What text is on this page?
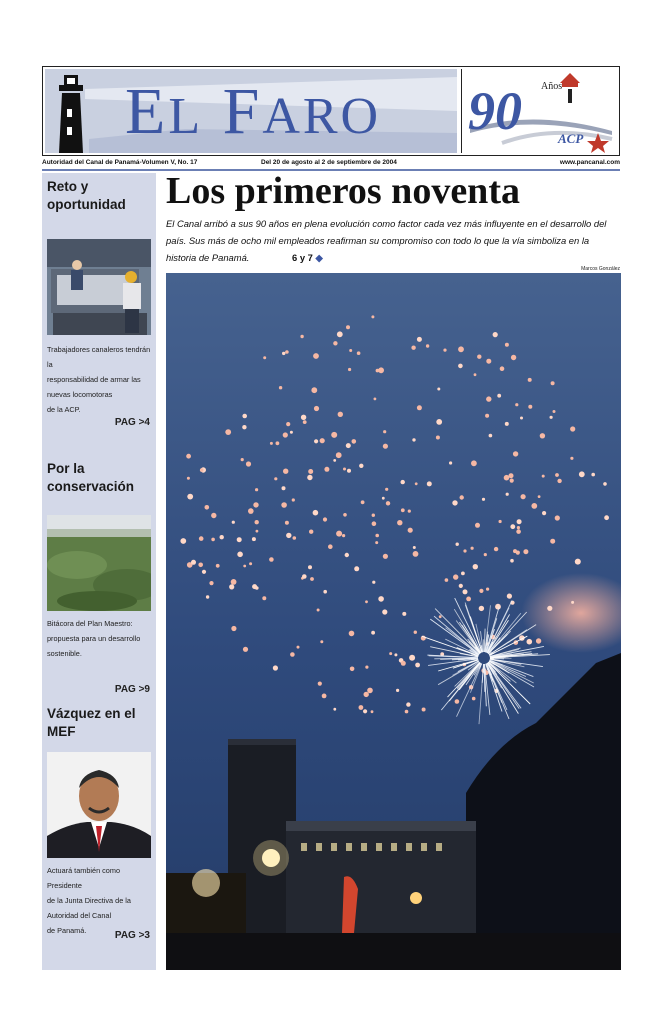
EL FARO 90 Años
ACP
Autoridad del Canal de Panamá-Volumen V, No. 17	Del 20 de agosto al 2 de septiembre de 2004	www.pancanal.com
Reto y oportunidad
Trabajadores canaleros tendrán la
responsabilidad de armar las
nuevas locomotoras
de la ACP.
PAG >4
Por la conservación
Bitácora del Plan Maestro:
propuesta para un desarrollo
sostenible.
PAG >9
Vázquez en el MEF
Actuará también como Presidente
de la Junta Directiva de la
Autoridad del Canal
de Panamá.	PAG >3
Los primeros noventa
El Canal arribó a sus 90 años en plena evolución como factor cada vez más influyente en el desarrollo del país. Sus más de ocho mil empleados reafirman su compromiso con todo lo que la vía simboliza en la historia de Panamá.	6 y 7 ◆
Marcos González
